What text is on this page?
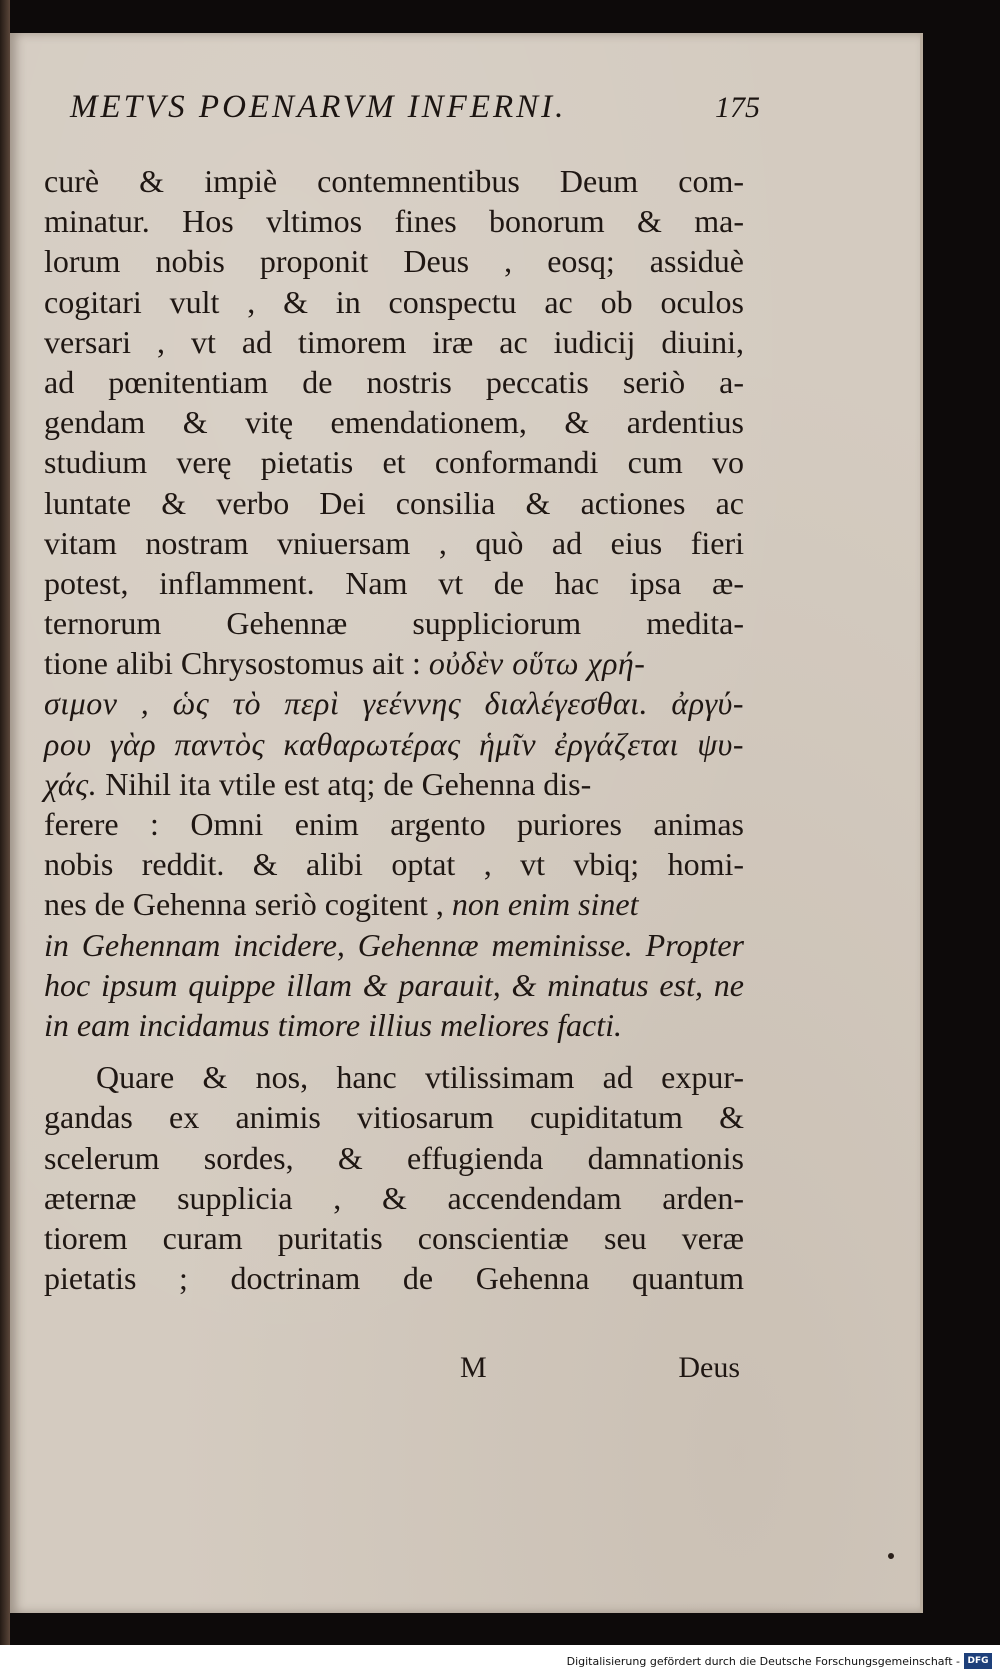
METVS POENARVM INFERNI.	175
curè & impiè contemnentibus Deum com-
minatur. Hos vltimos fines bonorum & ma-
lorum nobis proponit Deus , eosq; assiduè
cogitari vult , & in conspectu ac ob oculos
versari , vt ad timorem iræ ac iudicij diuini,
ad pœnitentiam de nostris peccatis seriò a-
gendam & vitę emendationem, & ardentius
studium verę pietatis et conformandi cum vo
luntate & verbo Dei consilia & actiones ac
vitam nostram vniuersam , quò ad eius fieri
potest, inflamment. Nam vt de hac ipsa æ-
ternorum Gehennæ suppliciorum medita-
tione alibi Chrysostomus ait : οὐδὲν οὕτω χρή-
σιμον , ὡς τὸ περὶ γεέννης διαλέγεσθαι. ἀργύ-
ρου γὰρ παντὸς καθαρωτέρας ἡμῖν ἐργάζεται ψυ-
χάς. Nihil ita vtile est atq; de Gehenna dis-
ferere : Omni enim argento puriores animas
nobis reddit. & alibi optat , vt vbiq; homi-
nes de Gehenna seriò cogitent , non enim sinet
in Gehennam incidere, Gehennæ meminisse. Propter
hoc ipsum quippe illam & parauit, & minatus est, ne
in eam incidamus timore illius meliores facti.
Quare & nos, hanc vtilissimam ad expur-
gandas ex animis vitiosarum cupiditatum &
scelerum sordes, & effugienda damnationis
æternæ supplicia , & accendendam arden-
tiorem curam puritatis conscientiæ seu veræ
pietatis ; doctrinam de Gehenna quantum
M	Deus
Digitalisierung gefördert durch die Deutsche Forschungsgemeinschaft - DFG
